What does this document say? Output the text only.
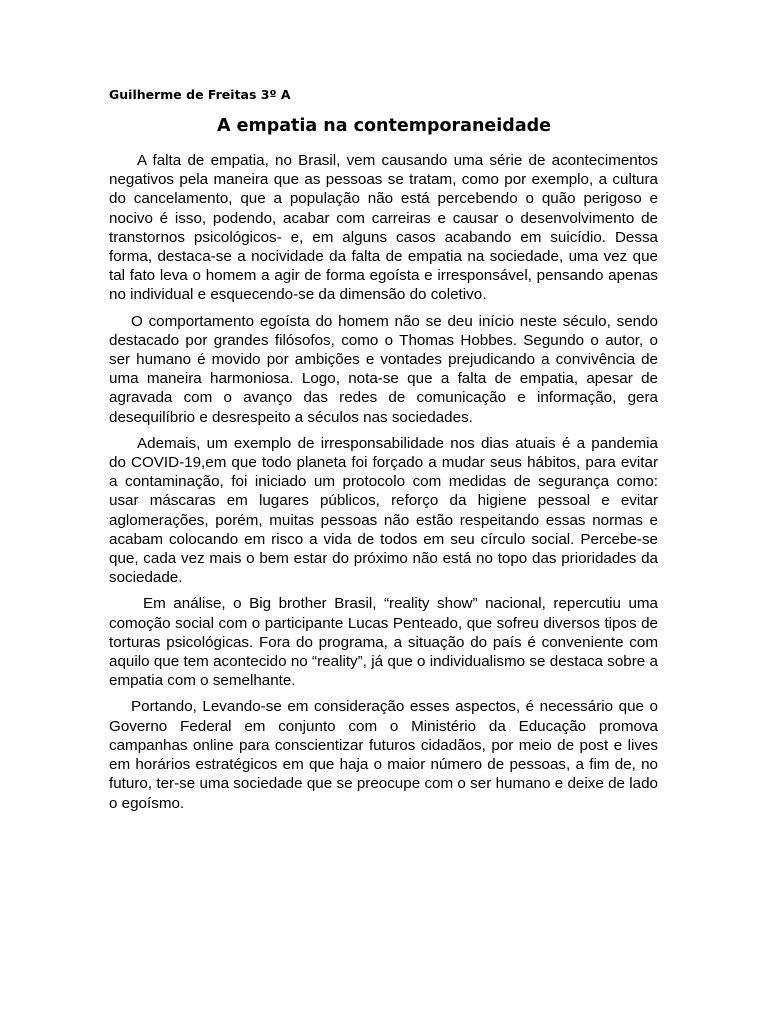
Guilherme de Freitas 3º A

A empatia na contemporaneidade

A falta de empatia, no Brasil, vem causando uma série de acontecimentos negativos pela maneira que as pessoas se tratam, como por exemplo, a cultura do cancelamento, que a população não está percebendo o quão perigoso e nocivo é isso, podendo, acabar com carreiras e causar o desenvolvimento de transtornos psicológicos- e, em alguns casos acabando em suicídio. Dessa forma, destaca-se a nocividade da falta de empatia na sociedade, uma vez que tal fato leva o homem a agir de forma egoísta e irresponsável, pensando apenas no individual e esquecendo-se da dimensão do coletivo.

O comportamento egoísta do homem não se deu início neste século, sendo destacado por grandes filósofos, como o Thomas Hobbes. Segundo o autor, o ser humano é movido por ambições e vontades prejudicando a convivência de uma maneira harmoniosa. Logo, nota-se que a falta de empatia, apesar de agravada com o avanço das redes de comunicação e informação, gera desequilíbrio e desrespeito a séculos nas sociedades.

Ademais, um exemplo de irresponsabilidade nos dias atuais é a pandemia do COVID-19,em que todo planeta foi forçado a mudar seus hábitos, para evitar a contaminação, foi iniciado um protocolo com medidas de segurança como: usar máscaras em lugares públicos, reforço da higiene pessoal e evitar aglomerações, porém, muitas pessoas não estão respeitando essas normas e acabam colocando em risco a vida de todos em seu círculo social. Percebe-se que, cada vez mais o bem estar do próximo não está no topo das prioridades da sociedade.

Em análise, o Big brother Brasil, “reality show” nacional, repercutiu uma comoção social com o participante Lucas Penteado, que sofreu diversos tipos de torturas psicológicas. Fora do programa, a situação do país é conveniente com aquilo que tem acontecido no “reality”, já que o individualismo se destaca sobre a empatia com o semelhante.

Portando, Levando-se em consideração esses aspectos, é necessário que o Governo Federal em conjunto com o Ministério da Educação promova campanhas online para conscientizar futuros cidadãos, por meio de post e lives em horários estratégicos em que haja o maior número de pessoas, a fim de, no futuro, ter-se uma sociedade que se preocupe com o ser humano e deixe de lado o egoísmo.
